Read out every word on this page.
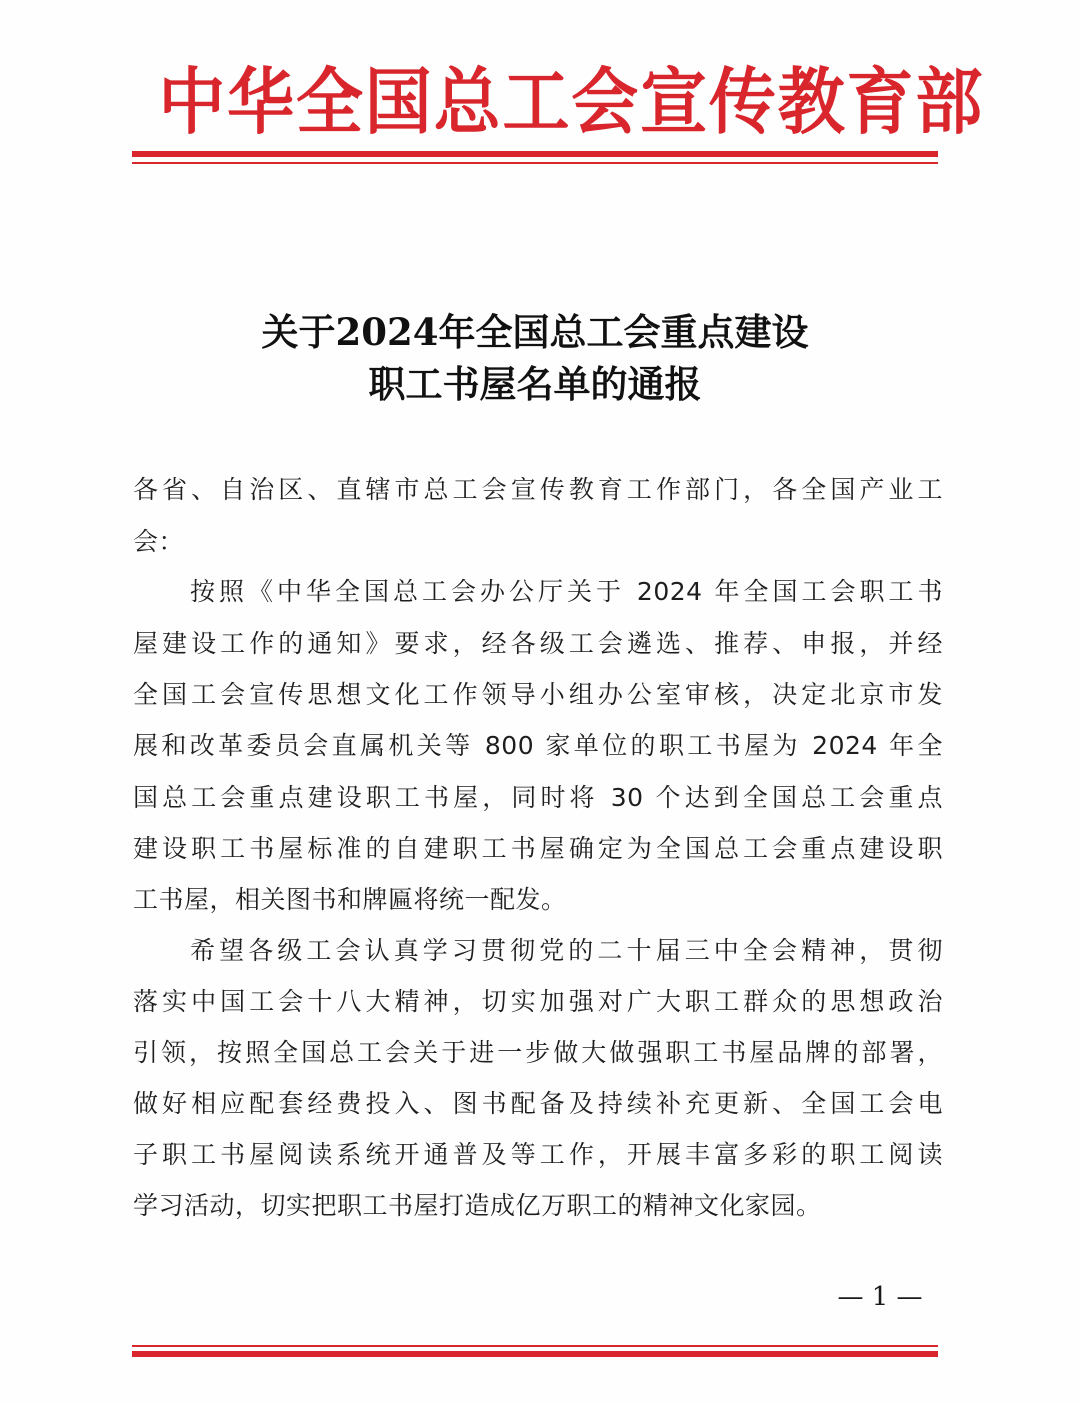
中华全国总工会宣传教育部
关于2024年全国总工会重点建设
职工书屋名单的通报
各省、自治区、直辖市总工会宣传教育工作部门，各全国产业工
会：
按照《中华全国总工会办公厅关于 2024 年全国工会职工书
屋建设工作的通知》要求，经各级工会遴选、推荐、申报，并经
全国工会宣传思想文化工作领导小组办公室审核，决定北京市发
展和改革委员会直属机关等 800 家单位的职工书屋为 2024 年全
国总工会重点建设职工书屋，同时将 30 个达到全国总工会重点
建设职工书屋标准的自建职工书屋确定为全国总工会重点建设职
工书屋，相关图书和牌匾将统一配发。
希望各级工会认真学习贯彻党的二十届三中全会精神，贯彻
落实中国工会十八大精神，切实加强对广大职工群众的思想政治
引领，按照全国总工会关于进一步做大做强职工书屋品牌的部署，
做好相应配套经费投入、图书配备及持续补充更新、全国工会电
子职工书屋阅读系统开通普及等工作，开展丰富多彩的职工阅读
学习活动，切实把职工书屋打造成亿万职工的精神文化家园。
— 1 —
